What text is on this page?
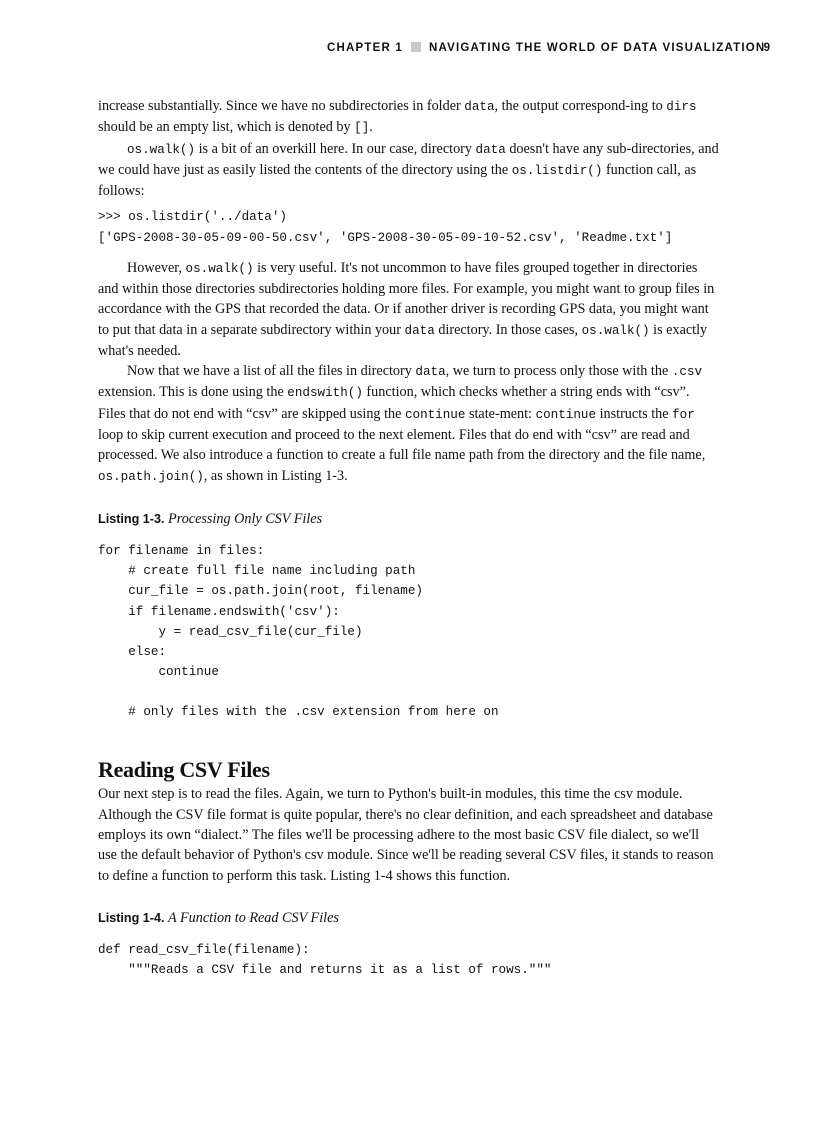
CHAPTER 1 NAVIGATING THE WORLD OF DATA VISUALIZATION
9

increase substantially. Since we have no subdirectories in folder data, the output correspond-ing to dirs should be an empty list, which is denoted by [].

os.walk() is a bit of an overkill here. In our case, directory data doesn't have any sub-directories, and we could have just as easily listed the contents of the directory using the os.listdir() function call, as follows:

>>> os.listdir('../data')
['GPS-2008-30-05-09-00-50.csv', 'GPS-2008-30-05-09-10-52.csv', 'Readme.txt']

However, os.walk() is very useful. It's not uncommon to have files grouped together in directories and within those directories subdirectories holding more files. For example, you might want to group files in accordance with the GPS that recorded the data. Or if another driver is recording GPS data, you might want to put that data in a separate subdirectory within your data directory. In those cases, os.walk() is exactly what's needed.

Now that we have a list of all the files in directory data, we turn to process only those with the .csv extension. This is done using the endswith() function, which checks whether a string ends with “csv”. Files that do not end with “csv” are skipped using the continue state-ment: continue instructs the for loop to skip current execution and proceed to the next element. Files that do end with “csv” are read and processed. We also introduce a function to create a full file name path from the directory and the file name, os.path.join(), as shown in Listing 1-3.

Listing 1-3. Processing Only CSV Files

for filename in files:
# create full file name including path
cur_file = os.path.join(root, filename)
if filename.endswith('csv'):
y = read_csv_file(cur_file)
else:
continue

# only files with the .csv extension from here on
Reading CSV Files

Our next step is to read the files. Again, we turn to Python's built-in modules, this time the csv module. Although the CSV file format is quite popular, there's no clear definition, and each spreadsheet and database employs its own “dialect.” The files we'll be processing adhere to the most basic CSV file dialect, so we'll use the default behavior of Python's csv module. Since we'll be reading several CSV files, it stands to reason to define a function to perform this task. Listing 1-4 shows this function.

Listing 1-4. A Function to Read CSV Files

def read_csv_file(filename):
"""Reads a CSV file and returns it as a list of rows."""
